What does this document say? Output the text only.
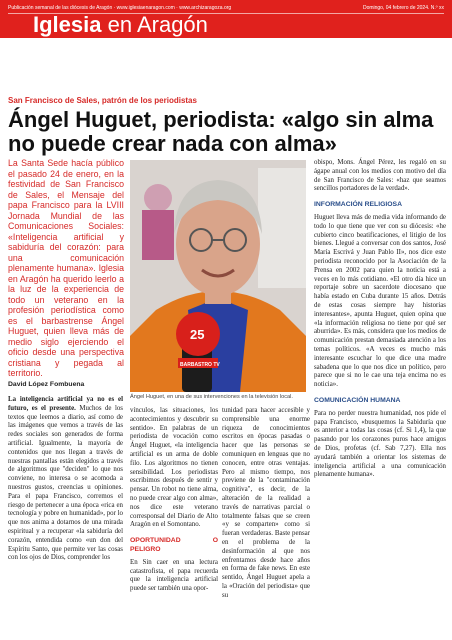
Publicación semanal de las diócesis de Aragón · www.iglesiaenaragon.com · www.archizaragoza.org	Domingo, 04 febrero de 2024. N.º xx
Iglesia en Aragón
San Francisco de Sales, patrón de los periodistas
Ángel Huguet, periodista: «algo sin alma no puede crear nada con alma»
La Santa Sede hacía público el pasado 24 de enero, en la festividad de San Francisco de Sales, el Mensaje del papa Francisco para la LVIII Jornada Mundial de las Comunicaciones Sociales: «Inteligencia artificial y sabiduría del corazón: para una comunicación plenamente humana». Iglesia en Aragón ha querido leerlo a la luz de la experiencia de todo un veterano en la profesión periodística como es el barbastrense Ángel Huguet, quien lleva más de medio siglo ejerciendo el oficio desde una perspectiva cristiana y pegada al territorio.
David López Fombuena
La inteligencia artificial ya no es el futuro, es el presente. Muchos de los textos que leemos a diario, así como de las imágenes que vemos a través de las redes sociales son generados de forma artificial. Igualmente, la mayoría de contenidos que nos llegan a través de nuestras pantallas están elegidos a través de algoritmos que "deciden" lo que nos conviene, no interesa o se acomoda a nuestros gustos, creencias u opiniones. Para el papa Francisco, corremos el riesgo de pertenecer a una época «rica en tecnología y pobre en humanidad», por lo que nos anima a dotarnos de una mirada espiritual y a recuperar «la sabiduría del corazón, entendida como «un don del Espíritu Santo, que permite ver las cosas con los ojos de Dios, comprender los
25
BARBASTRO TV
Ángel Huguet, en una de sus intervenciones en la televisión local.

vínculos, las situaciones, los acontecimientos y descubrir su sentido». En palabras de un periodista de vocación como Ángel Huguet, «la inteligencia artificial es un arma de doble filo. Los algoritmos no tienen sensibilidad. Los periodistas escribimos después de sentir y pensar. Un robot no tiene alma, no puede crear algo con alma», nos dice este veterano corresponsal del Diario de Alto Aragón en el Somontano.

OPORTUNIDAD O PELIGRO

En Sin caer en una lectura catastrofista, el papa recuerda que la inteligencia artificial puede ser también una opor-

tunidad para hacer accesible y comprensible una enorme riqueza de conocimientos escritos en épocas pasadas o hacer que las personas se comuniquen en lenguas que no conocen, entre otras ventajas. Pero al mismo tiempo, nos previene de la "contaminación cognitiva", es decir, de la alteración de la realidad a través de narrativas parcial o totalmente falsas que se creen «y se comparten» como si fueran verdaderas. Baste pensar en el problema de la desinformación al que nos enfrentamos desde hace años en forma de fake news. En este sentido, Ángel Huguet apela a la «Oración del periodista» que su

obispo, Mons. Ángel Pérez, les regaló en su ágape anual con los medios con motivo del día de San Francisco de Sales: «haz que seamos sencillos portadores de la verdad».

INFORMACIÓN RELIGIOSA

Huguet lleva más de media vida informando de todo lo que tiene que ver con su diócesis: «he cubierto cinco beatificaciones, el litigio de los bienes. Llegué a conversar con dos santos, José María Escrivá y Juan Pablo II», nos dice este periodista reconocido por la Asociación de la Prensa en 2002 para quien la noticia está a veces en lo más cotidiano. «El otro día hice un reportaje sobre un sacerdote diocesano que había estado en Cuba durante 15 años. Detrás de estas cosas siempre hay historias interesantes», apunta Huguet, quien opina que «la información religiosa no tiene por qué ser aburrida». Es más, considera que los medios de comunicación prestan demasiada atención a los temas políticos. «A veces es mucho más interesante escuchar lo que dice una madre sabadena que lo que nos dice un político, pero parece que si no le cae una teja encima no es noticia».

COMUNICACIÓN HUMANA

Para no perder nuestra humanidad, nos pide el papa Francisco, «busquemos la Sabiduría que es anterior a todas las cosas (cf. Si 1,4), la que pasando por los corazones puros hace amigos de Dios, profetas (cf. Sab 7,27). Ella nos ayudará también a orientar los sistemas de inteligencia artificial a una comunicación plenamente humana».
